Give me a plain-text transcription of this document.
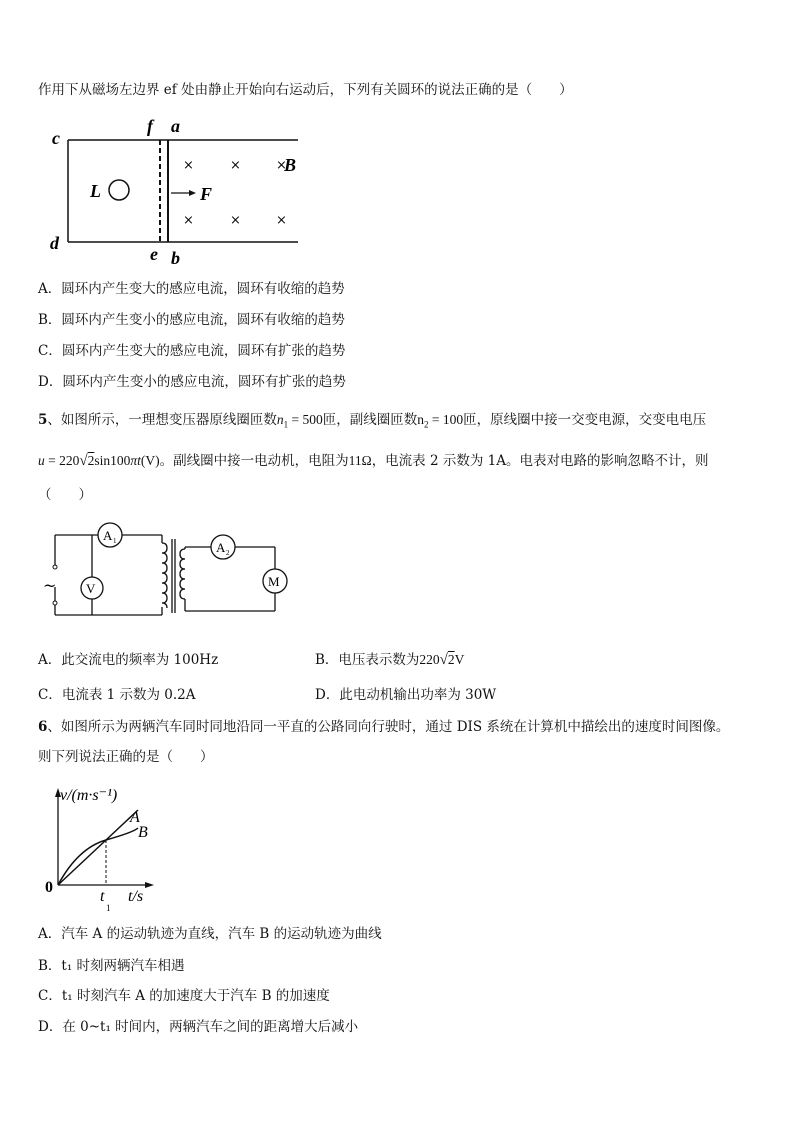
作用下从磁场左边界 ef 处由静止开始向右运动后，下列有关圆环的说法正确的是（　　）
×	×	×
×	×	×
c
d
f a
e b
B
F
L
A．圆环内产生变大的感应电流，圆环有收缩的趋势
B．圆环内产生变小的感应电流，圆环有收缩的趋势
C．圆环内产生变大的感应电流，圆环有扩张的趋势
D．圆环内产生变小的感应电流，圆环有扩张的趋势
5、如图所示，一理想变压器原线圈匝数$n_1 = 500$匝，副线圈匝数$n_2 = 100$匝，原线圈中接一交变电源，交变电电压
u = 220√2sin100πt(V)。副线圈中接一电动机，电阻为11Ω，电流表 2 示数为 1A。电表对电路的影响忽略不计，则
（　　）
~
A 1
V
A 2
M
A．此交流电的频率为 100Hz	B．电压表示数为220√2V
C．电流表 1 示数为 0.2A	D．此电动机输出功率为 30W
6、如图所示为两辆汽车同时同地沿同一平直的公路同向行驶时，通过 DIS 系统在计算机中描绘出的速度时间图像。
则下列说法正确的是（　　）
v/(m·s⁻¹)
t/s
0
t
1
A
B
A．汽车 A 的运动轨迹为直线，汽车 B 的运动轨迹为曲线
B．t₁ 时刻两辆汽车相遇
C．t₁ 时刻汽车 A 的加速度大于汽车 B 的加速度
D．在 0~t₁ 时间内，两辆汽车之间的距离增大后减小
